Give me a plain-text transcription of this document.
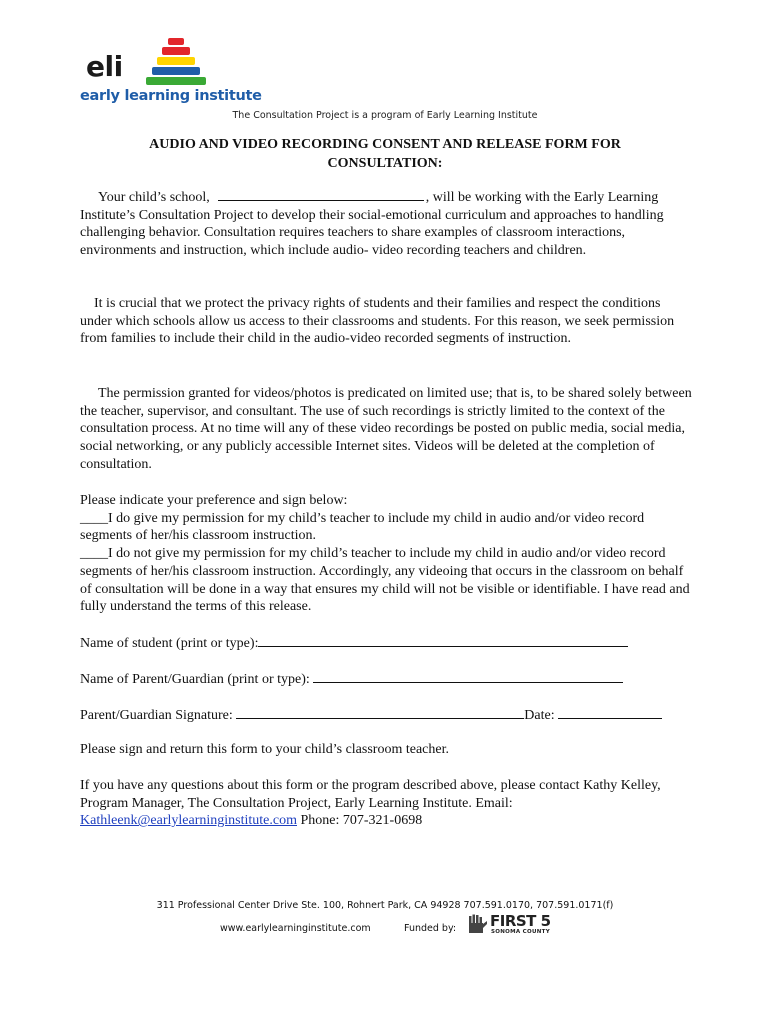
eli
early learning institute
The Consultation Project is a program of Early Learning Institute
AUDIO AND VIDEO RECORDING CONSENT AND RELEASE FORM FOR CONSULTATION:
Your child’s school,	, will be working with the Early Learning Institute’s Consultation Project to develop their social-emotional curriculum and approaches to handling challenging behavior. Consultation requires teachers to share examples of classroom interactions, environments and instruction, which include audio- video recording teachers and children.
It is crucial that we protect the privacy rights of students and their families and respect the conditions under which schools allow us access to their classrooms and students. For this reason, we seek permission from families to include their child in the audio-video recorded segments of instruction.
The permission granted for videos/photos is predicated on limited use; that is, to be shared solely between the teacher, supervisor, and consultant. The use of such recordings is strictly limited to the context of the consultation process. At no time will any of these video recordings be posted on public media, social media, social networking, or any publicly accessible Internet sites. Videos will be deleted at the completion of consultation.
Please indicate your preference and sign below:
____I do give my permission for my child’s teacher to include my child in audio and/or video record segments of her/his classroom instruction.
____I do not give my permission for my child’s teacher to include my child in audio and/or video record segments of her/his classroom instruction. Accordingly, any videoing that occurs in the classroom on behalf of consultation will be done in a way that ensures my child will not be visible or identifiable. I have read and fully understand the terms of this release.
Name of student (print or type):
Name of Parent/Guardian (print or type):
Parent/Guardian Signature:	Date:
Please sign and return this form to your child’s classroom teacher.
If you have any questions about this form or the program described above, please contact Kathy Kelley, Program Manager, The Consultation Project, Early Learning Institute. Email:
Kathleenk@earlylearninginstitute.com Phone: 707-321-0698
311 Professional Center Drive Ste. 100, Rohnert Park, CA 94928 707.591.0170, 707.591.0171(f)
www.earlylearninginstitute.com	Funded by: FIRST 5
SONOMA COUNTY
